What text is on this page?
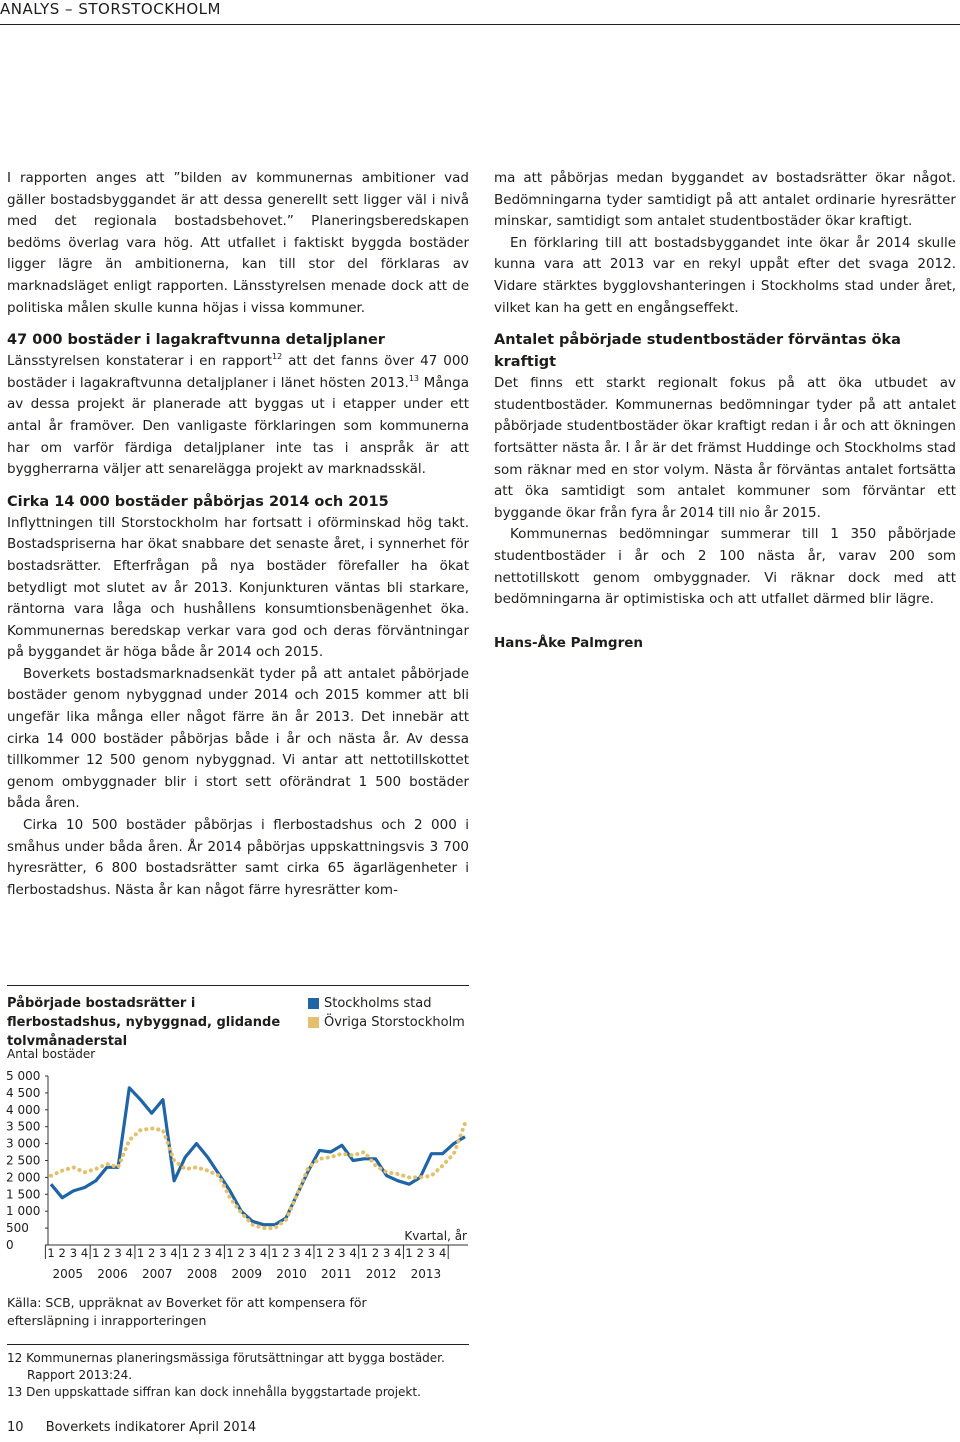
ANALYS – STORSTOCKHOLM

I rapporten anges att ”bilden av kommunernas ambitioner vad gäller bostadsbyggandet är att dessa generellt sett ligger väl i nivå med det regionala bostadsbehovet.” Planeringsberedskapen bedöms överlag vara hög. Att utfallet i faktiskt byggda bostäder ligger lägre än ambitionerna, kan till stor del förklaras av marknadsläget enligt rapporten. Länsstyrelsen menade dock att de politiska målen skulle kunna höjas i vissa kommuner.

47 000 bostäder i lagakraftvunna detaljplaner

Länsstyrelsen konstaterar i en rapport$^{12}$ att det fanns över 47 000 bostäder i lagakraftvunna detaljplaner i länet hösten 2013.13 Många av dessa projekt är planerade att byggas ut i etapper under ett antal år framöver. Den vanligaste förklaringen som kommunerna har om varför färdiga detaljplaner inte tas i anspråk är att byggherrarna väljer att senarelägga projekt av marknadsskäl.

Cirka 14 000 bostäder påbörjas 2014 och 2015

Inflyttningen till Storstockholm har fortsatt i oförminskad hög takt. Bostadspriserna har ökat snabbare det senaste året, i synnerhet för bostadsrätter. Efterfrågan på nya bostäder förefaller ha ökat betydligt mot slutet av år 2013. Konjunkturen väntas bli starkare, räntorna vara låga och hushållens konsumtionsbenägenhet öka. Kommunernas beredskap verkar vara god och deras förväntningar på byggandet är höga både år 2014 och 2015.

Boverkets bostadsmarknadsenkät tyder på att antalet påbörjade bostäder genom nybyggnad under 2014 och 2015 kommer att bli ungefär lika många eller något färre än år 2013. Det innebär att cirka 14 000 bostäder påbörjas både i år och nästa år. Av dessa tillkommer 12 500 genom nybyggnad. Vi antar att nettotillskottet genom ombyggnader blir i stort sett oförändrat 1 500 bostäder båda åren.

Cirka 10 500 bostäder påbörjas i flerbostadshus och 2 000 i småhus under båda åren. År 2014 påbörjas uppskattningsvis 3 700 hyresrätter, 6 800 bostadsrätter samt cirka 65 ägarlägenheter i flerbostadshus. Nästa år kan något färre hyresrätter kom-

ma att påbörjas medan byggandet av bostadsrätter ökar något. Bedömningarna tyder samtidigt på att antalet ordinarie hyresrätter minskar, samtidigt som antalet studentbostäder ökar kraftigt.

En förklaring till att bostadsbyggandet inte ökar år 2014 skulle kunna vara att 2013 var en rekyl uppåt efter det svaga 2012. Vidare stärktes bygglovshanteringen i Stockholms stad under året, vilket kan ha gett en engångseffekt.

Antalet påbörjade studentbostäder förväntas öka kraftigt

Det finns ett starkt regionalt fokus på att öka utbudet av studentbostäder. Kommunernas bedömningar tyder på att antalet påbörjade studentbostäder ökar kraftigt redan i år och att ökningen fortsätter nästa år. I år är det främst Huddinge och Stockholms stad som räknar med en stor volym. Nästa år förväntas antalet fortsätta att öka samtidigt som antalet kommuner som förväntar ett byggande ökar från fyra år 2014 till nio år 2015.

Kommunernas bedömningar summerar till 1 350 påbörjade studentbostäder i år och 2 100 nästa år, varav 200 som nettotillskott genom ombyggnader. Vi räknar dock med att bedömningarna är optimistiska och att utfallet därmed blir lägre.

Hans-Åke Palmgren
Påbörjade bostadsrätter i flerbostadshus, nybyggnad, glidande tolvmånaderstal
Stockholms stad
Övriga Storstockholm
Antal bostäder
0
500
1 000
1 500
2 000
2 500
3 000
3 500
4 000
4 500
5 000
1 2 3 4
2005
1 2 3 4
2006
1 2 3 4
2007
1 2 3 4
2008
1 2 3 4
2009
1 2 3 4
2010
1 2 3 4
2011
1 2 3 4
2012
1 2 3 4
2013
Kvartal, år
Källa: SCB, uppräknat av Boverket för att kompensera för eftersläpning i inrapporteringen
12 Kommunernas planeringsmässiga förutsättningar att bygga bostäder.
Rapport 2013:24.
13 Den uppskattade siffran kan dock innehålla byggstartade projekt.
10 Boverkets indikatorer April 2014
